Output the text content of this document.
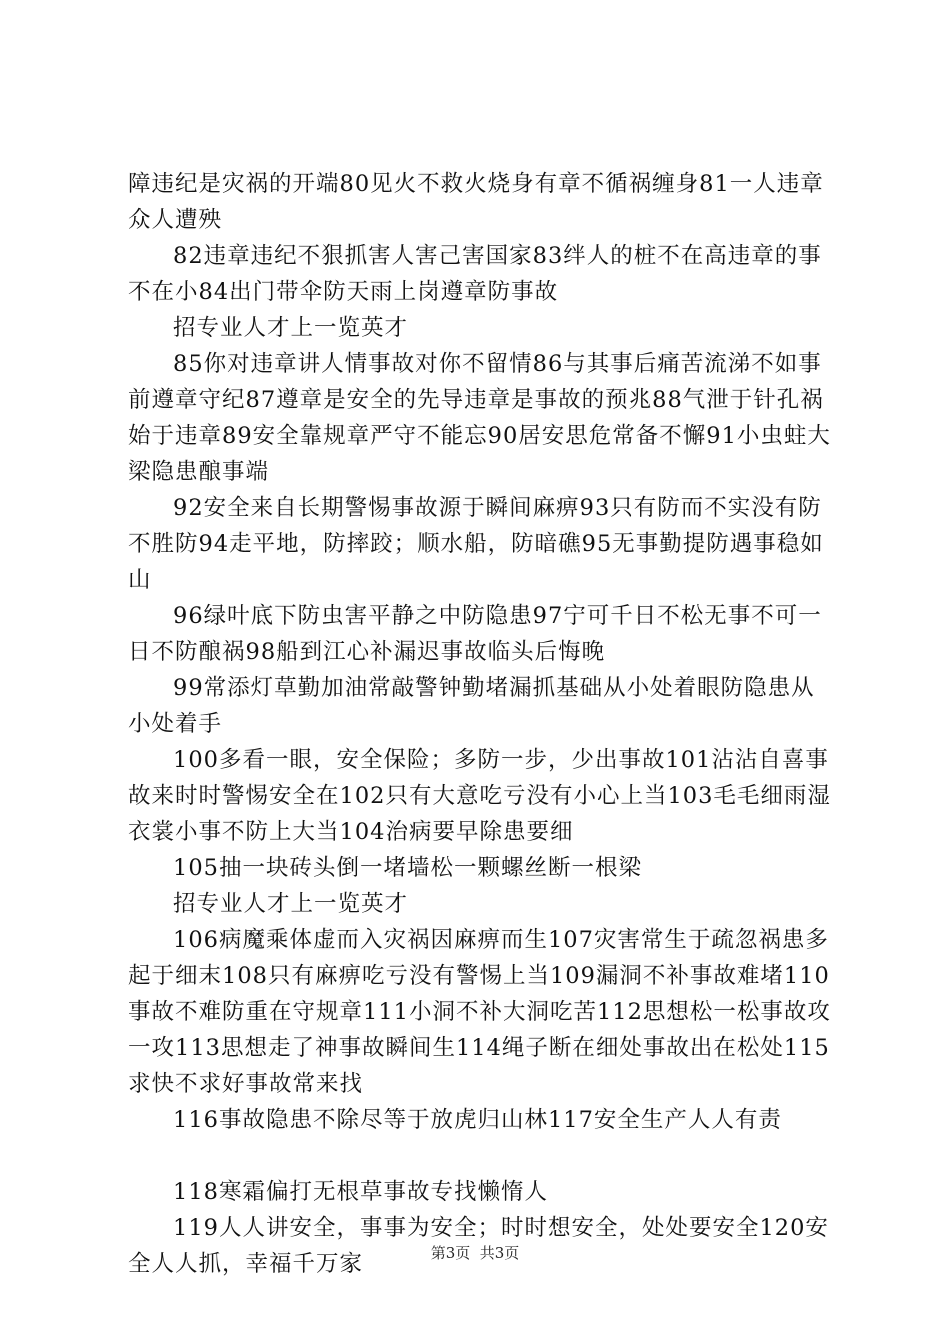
障违纪是灾祸的开端80见火不救火烧身有章不循祸缠身81一人违章众人遭殃

82违章违纪不狠抓害人害己害国家83绊人的桩不在高违章的事不在小84出门带伞防天雨上岗遵章防事故

招专业人才上一览英才

85你对违章讲人情事故对你不留情86与其事后痛苦流涕不如事前遵章守纪87遵章是安全的先导违章是事故的预兆88气泄于针孔祸始于违章89安全靠规章严守不能忘90居安思危常备不懈91小虫蛀大梁隐患酿事端

92安全来自长期警惕事故源于瞬间麻痹93只有防而不实没有防不胜防94走平地，防摔跤；顺水船，防暗礁95无事勤提防遇事稳如山

96绿叶底下防虫害平静之中防隐患97宁可千日不松无事不可一日不防酿祸98船到江心补漏迟事故临头后悔晚

99常添灯草勤加油常敲警钟勤堵漏抓基础从小处着眼防隐患从小处着手

100多看一眼，安全保险；多防一步，少出事故101沾沾自喜事故来时时警惕安全在102只有大意吃亏没有小心上当103毛毛细雨湿衣裳小事不防上大当104治病要早除患要细

105抽一块砖头倒一堵墙松一颗螺丝断一根梁

招专业人才上一览英才

106病魔乘体虚而入灾祸因麻痹而生107灾害常生于疏忽祸患多起于细末108只有麻痹吃亏没有警惕上当109漏洞不补事故难堵110事故不难防重在守规章111小洞不补大洞吃苦112思想松一松事故攻一攻113思想走了神事故瞬间生114绳子断在细处事故出在松处115求快不求好事故常来找

116事故隐患不除尽等于放虎归山林117安全生产人人有责

118寒霜偏打无根草事故专找懒惰人

119人人讲安全，事事为安全；时时想安全，处处要安全120安全人人抓，幸福千万家	第3页  共3页
